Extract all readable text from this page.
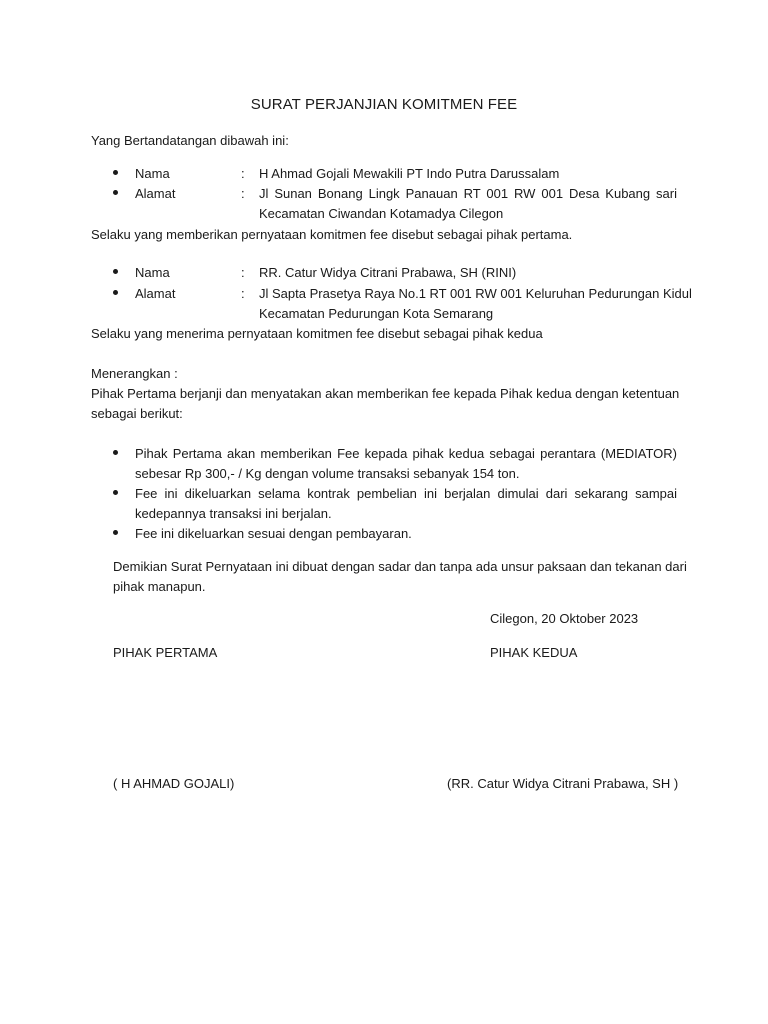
SURAT PERJANJIAN KOMITMEN FEE
Yang Bertandatangan dibawah ini:
Nama	: H Ahmad Gojali Mewakili PT Indo Putra Darussalam
Alamat	: Jl Sunan Bonang Lingk Panauan RT 001 RW 001 Desa Kubang sari
Kecamatan Ciwandan Kotamadya Cilegon
Selaku yang memberikan pernyataan komitmen fee disebut sebagai pihak pertama.
Nama	: RR. Catur Widya Citrani Prabawa, SH (RINI)
Alamat	: Jl Sapta Prasetya Raya No.1 RT 001 RW 001 Keluruhan Pedurungan Kidul
Kecamatan Pedurungan Kota Semarang
Selaku yang menerima pernyataan komitmen fee disebut sebagai pihak kedua
Menerangkan :
Pihak Pertama berjanji dan menyatakan akan memberikan fee kepada Pihak kedua dengan ketentuan
sebagai berikut:
Pihak Pertama akan memberikan Fee kepada pihak kedua sebagai perantara (MEDIATOR)
sebesar Rp 300,- / Kg dengan volume transaksi sebanyak 154 ton.
Fee ini dikeluarkan selama kontrak pembelian ini berjalan dimulai dari sekarang sampai
kedepannya transaksi ini berjalan.
Fee ini dikeluarkan sesuai dengan pembayaran.
Demikian Surat Pernyataan ini dibuat dengan sadar dan tanpa ada unsur paksaan dan tekanan dari
pihak manapun.
Cilegon, 20 Oktober 2023
PIHAK PERTAMA	PIHAK KEDUA
( H AHMAD GOJALI)	(RR. Catur Widya Citrani Prabawa, SH )
